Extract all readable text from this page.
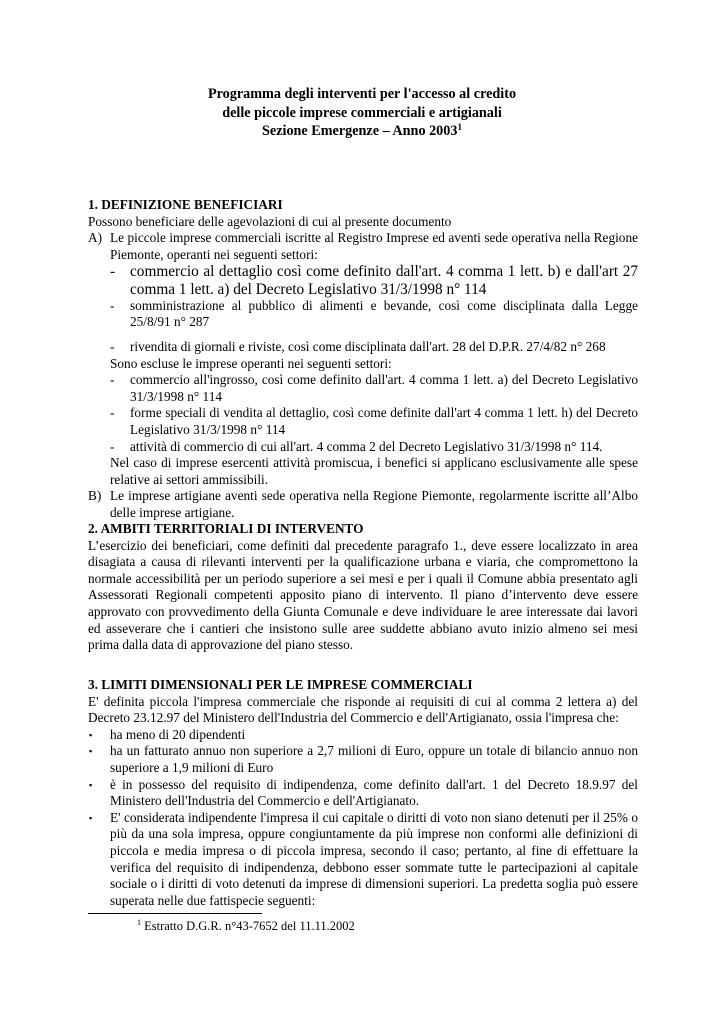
Programma degli interventi per l'accesso al credito
delle piccole imprese commerciali e artigianali
Sezione Emergenze – Anno 2003$^1$
1. DEFINIZIONE BENEFICIARI
Possono beneficiare delle agevolazioni di cui al presente documento
A) Le piccole imprese commerciali iscritte al Registro Imprese ed aventi sede operativa nella Regione Piemonte, operanti nei seguenti settori:
- commercio al dettaglio così come definito dall'art. 4 comma 1 lett. b) e dall'art 27 comma 1 lett. a) del Decreto Legislativo 31/3/1998 n° 114
-	somministrazione al pubblico di alimenti e bevande, così come disciplinata dalla Legge 25/8/91 n° 287
-	rivendita di giornali e riviste, così come disciplinata dall'art. 28 del D.P.R. 27/4/82 n° 268
Sono escluse le imprese operanti nei seguenti settori:
-	commercio all'ingrosso, così come definito dall'art. 4 comma 1 lett. a) del Decreto Legislativo 31/3/1998 n° 114
-	forme speciali di vendita al dettaglio, così come definite dall'art 4 comma 1 lett. h) del Decreto Legislativo 31/3/1998 n° 114
-	attività di commercio di cui all'art. 4 comma 2 del Decreto Legislativo 31/3/1998 n° 114.
Nel caso di imprese esercenti attività promiscua, i benefici si applicano esclusivamente alle spese relative ai settori ammissibili.
B) Le imprese artigiane aventi sede operativa nella Regione Piemonte, regolarmente iscritte all’Albo delle imprese artigiane.
2. AMBITI TERRITORIALI DI INTERVENTO
L’esercizio dei beneficiari, come definiti dal precedente paragrafo 1., deve essere localizzato in area disagiata a causa di rilevanti interventi per la qualificazione urbana e viaria, che compromettono la normale accessibilità per un periodo superiore a sei mesi e per i quali il Comune abbia presentato agli Assessorati Regionali competenti apposito piano di intervento. Il piano d’intervento deve essere approvato con provvedimento della Giunta Comunale e deve individuare le aree interessate dai lavori ed asseverare che i cantieri che insistono sulle aree suddette abbiano avuto inizio almeno sei mesi prima dalla data di approvazione del piano stesso.
3. LIMITI DIMENSIONALI PER LE IMPRESE COMMERCIALI
E' definita piccola l'impresa commerciale che risponde ai requisiti di cui al comma 2 lettera a) del Decreto 23.12.97 del Ministero dell'Industria del Commercio e dell'Artigianato, ossia l'impresa che:
▪	ha meno di 20 dipendenti
▪	ha un fatturato annuo non superiore a 2,7 milioni di Euro, oppure un totale di bilancio annuo non superiore a 1,9 milioni di Euro
▪	è in possesso del requisito di indipendenza, come definito dall'art. 1 del Decreto 18.9.97 del Ministero dell'Industria del Commercio e dell'Artigianato.
▪	E' considerata indipendente l'impresa il cui capitale o diritti di voto non siano detenuti per il 25% o più da una sola impresa, oppure congiuntamente da più imprese non conformi alle definizioni di piccola e media impresa o di piccola impresa, secondo il caso; pertanto, al fine di effettuare la verifica del requisito di indipendenza, debbono esser sommate tutte le partecipazioni al capitale sociale o i diritti di voto detenuti da imprese di dimensioni superiori. La predetta soglia può essere superata nelle due fattispecie seguenti:
$^1$ Estratto D.G.R. n°43-7652 del 11.11.2002
